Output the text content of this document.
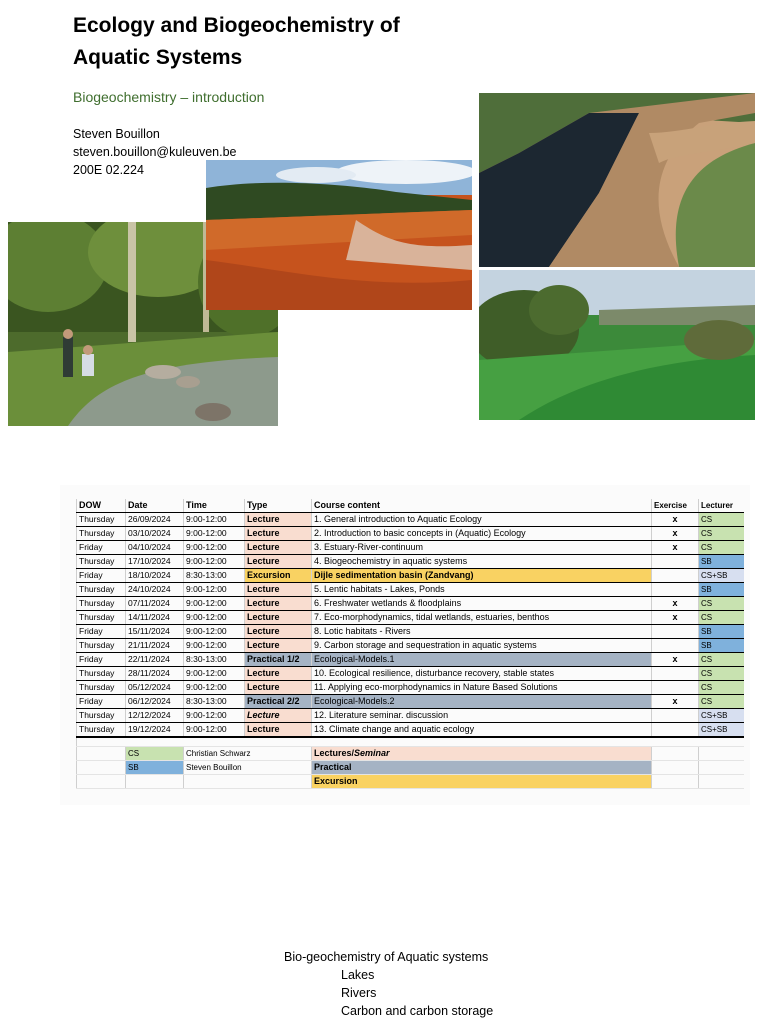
Ecology and Biogeochemistry of
Aquatic Systems
Biogeochemistry – introduction
Steven Bouillon
steven.bouillon@kuleuven.be
200E 02.224
DOW	Date	Time	Type	Course content	Exercise	Lecturer
Thursday	26/09/2024	9:00-12:00	Lecture	1. General introduction to Aquatic Ecology	x	CS
Thursday	03/10/2024	9:00-12:00	Lecture	2. Introduction to basic concepts in (Aquatic) Ecology	x	CS
Friday	04/10/2024	9:00-12:00	Lecture	3. Estuary-River-continuum	x	CS
Thursday	17/10/2024	9:00-12:00	Lecture	4. Biogeochemistry in aquatic systems		SB
Friday	18/10/2024	8:30-13:00	Excursion	Dijle sedimentation basin (Zandvang)		CS+SB
Thursday	24/10/2024	9:00-12:00	Lecture	5. Lentic habitats - Lakes, Ponds		SB
Thursday	07/11/2024	9:00-12:00	Lecture	6. Freshwater wetlands & floodplains	x	CS
Thursday	14/11/2024	9:00-12:00	Lecture	7. Eco-morphodynamics, tidal wetlands, estuaries, benthos	x	CS
Friday	15/11/2024	9:00-12:00	Lecture	8. Lotic habitats - Rivers		SB
Thursday	21/11/2024	9:00-12:00	Lecture	9. Carbon storage and sequestration in aquatic systems		SB
Friday	22/11/2024	8:30-13:00	Practical 1/2	Ecological-Models.1	x	CS
Thursday	28/11/2024	9:00-12:00	Lecture	10. Ecological resilience, disturbance recovery, stable states		CS
Thursday	05/12/2024	9:00-12:00	Lecture	11. Applying eco-morphodynamics in Nature Based Solutions		CS
Friday	06/12/2024	8:30-13:00	Practical 2/2	Ecological-Models.2	x	CS
Thursday	12/12/2024	9:00-12:00	Lecture	12. Literature seminar. discussion		CS+SB
Thursday	19/12/2024	9:00-12:00	Lecture	13. Climate change and aquatic ecology		CS+SB

	CS	Christian Schwarz		Lectures/Seminar		
	SB	Steven Bouillon		Practical		
				Excursion		
Bio-geochemistry of Aquatic systems
Lakes
Rivers
Carbon and carbon storage
